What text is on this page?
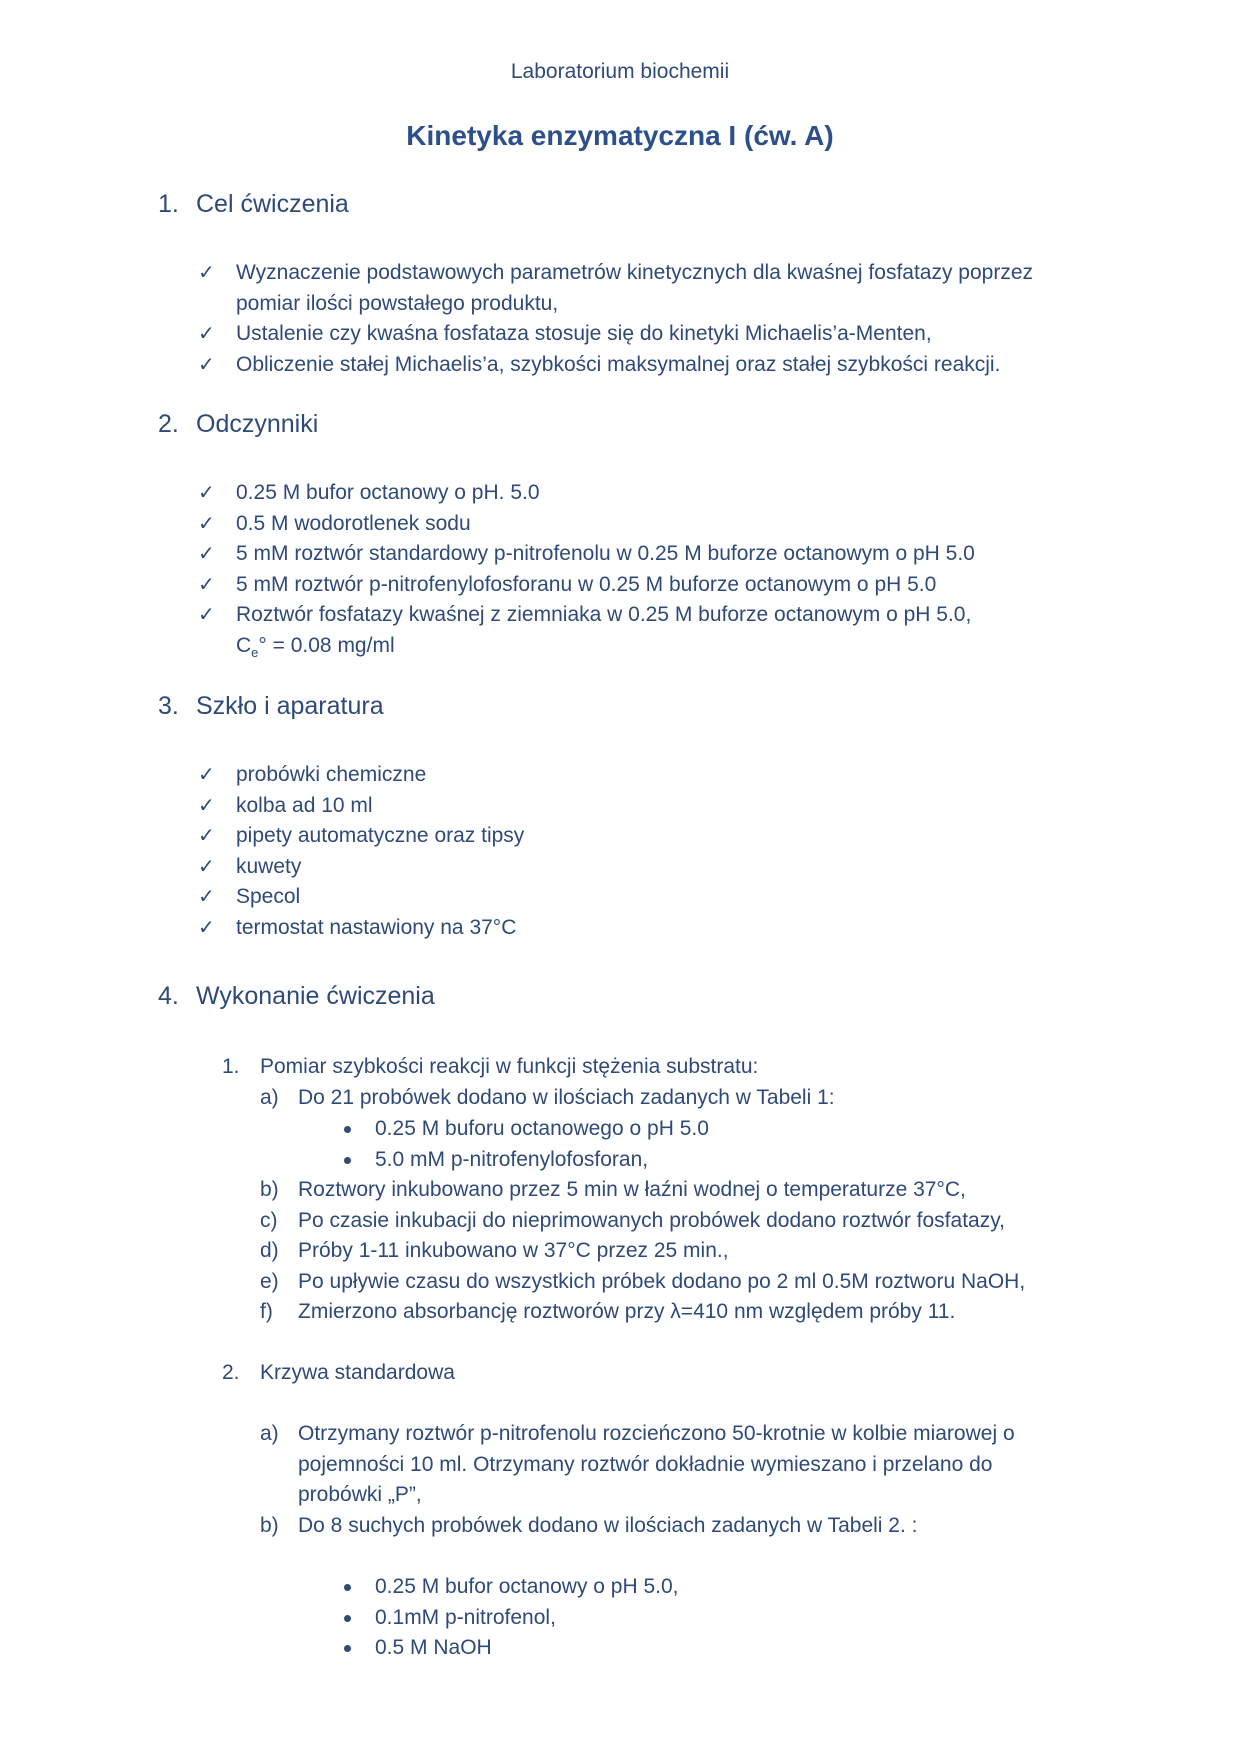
Laboratorium biochemii
Kinetyka enzymatyczna I (ćw. A)
1. Cel ćwiczenia
✓ Wyznaczenie podstawowych parametrów kinetycznych dla kwaśnej fosfatazy poprzez
pomiar ilości powstałego produktu,
✓ Ustalenie czy kwaśna fosfataza stosuje się do kinetyki Michaelis’a-Menten,
✓ Obliczenie stałej Michaelis’a, szybkości maksymalnej oraz stałej szybkości reakcji.
2. Odczynniki
✓ 0.25 M bufor octanowy o pH. 5.0
✓ 0.5 M wodorotlenek sodu
✓ 5 mM roztwór standardowy p-nitrofenolu w 0.25 M buforze octanowym o pH 5.0
✓ 5 mM roztwór p-nitrofenylofosforanu w 0.25 M buforze octanowym o pH 5.0
✓ Roztwór fosfatazy kwaśnej z ziemniaka w 0.25 M buforze octanowym o pH 5.0,
$C_e^\circ = 0.08$ mg/ml
3. Szkło i aparatura
✓ probówki chemiczne
✓ kolba ad 10 ml
✓ pipety automatyczne oraz tipsy
✓ kuwety
✓ Specol
✓ termostat nastawiony na 37°C
4. Wykonanie ćwiczenia
1. Pomiar szybkości reakcji w funkcji stężenia substratu:
a) Do 21 probówek dodano w ilościach zadanych w Tabeli 1:
0.25 M buforu octanowego o pH 5.0
5.0 mM p-nitrofenylofosforan,
b) Roztwory inkubowano przez 5 min w łaźni wodnej o temperaturze 37°C,
c) Po czasie inkubacji do nieprimowanych probówek dodano roztwór fosfatazy,
d) Próby 1-11 inkubowano w 37°C przez 25 min.,
e) Po upływie czasu do wszystkich próbek dodano po 2 ml 0.5M roztworu NaOH,
f) Zmierzono absorbancję roztworów przy λ=410 nm względem próby 11.
2. Krzywa standardowa
a) Otrzymany roztwór p-nitrofenolu rozcieńczono 50-krotnie w kolbie miarowej o
pojemności 10 ml. Otrzymany roztwór dokładnie wymieszano i przelano do
probówki „P”,
b) Do 8 suchych probówek dodano w ilościach zadanych w Tabeli 2. :
0.25 M bufor octanowy o pH 5.0,
0.1mM p-nitrofenol,
0.5 M NaOH
